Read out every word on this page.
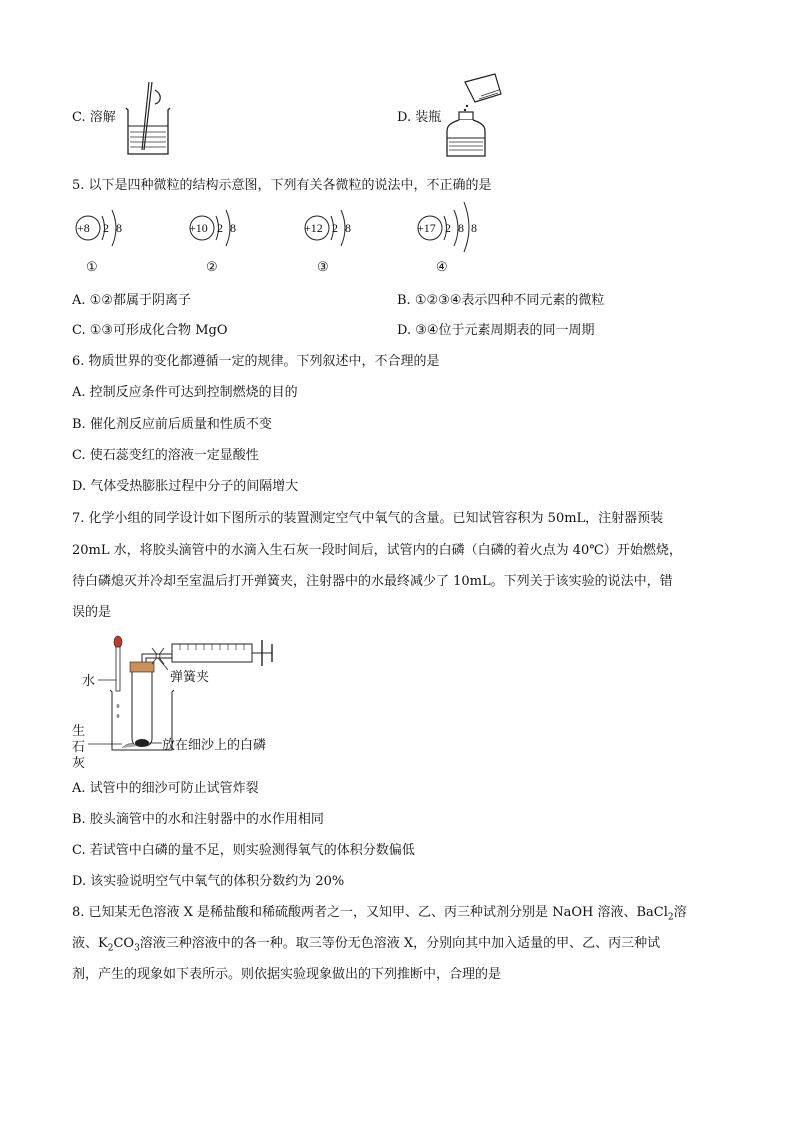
C. 溶解	D. 装瓶
5. 以下是四种微粒的结构示意图，下列有关各微粒的说法中，不正确的是
+8 2 8
①
+10 2 8
②
+12 2 8
③
+17 2 8 8
④
A. ①②都属于阴离子	B. ①②③④表示四种不同元素的微粒
C. ①③可形成化合物 MgO	D. ③④位于元素周期表的同一周期
6. 物质世界的变化都遵循一定的规律。下列叙述中，不合理的是
A. 控制反应条件可达到控制燃烧的目的
B. 催化剂反应前后质量和性质不变
C. 使石蕊变红的溶液一定显酸性
D. 气体受热膨胀过程中分子的间隔增大
7. 化学小组的同学设计如下图所示的装置测定空气中氧气的含量。已知试管容积为 50mL，注射器预装
20mL 水，将胶头滴管中的水滴入生石灰一段时间后，试管内的白磷（白磷的着火点为 40℃）开始燃烧，
待白磷熄灭并冷却至室温后打开弹簧夹，注射器中的水最终减少了 10mL。下列关于该实验的说法中，错
误的是
水	弹簧夹
生
石
灰
放在细沙上的白磷
A. 试管中的细沙可防止试管炸裂
B. 胶头滴管中的水和注射器中的水作用相同
C. 若试管中白磷的量不足，则实验测得氧气的体积分数偏低
D. 该实验说明空气中氧气的体积分数约为 20%
8. 已知某无色溶液 X 是稀盐酸和稀硫酸两者之一，又知甲、乙、丙三种试剂分别是 NaOH 溶液、BaCl$_2$溶
液、$K_2CO_3$溶液三种溶液中的各一种。取三等份无色溶液 X，分别向其中加入适量的甲、乙、丙三种试
剂，产生的现象如下表所示。则依据实验现象做出的下列推断中，合理的是
